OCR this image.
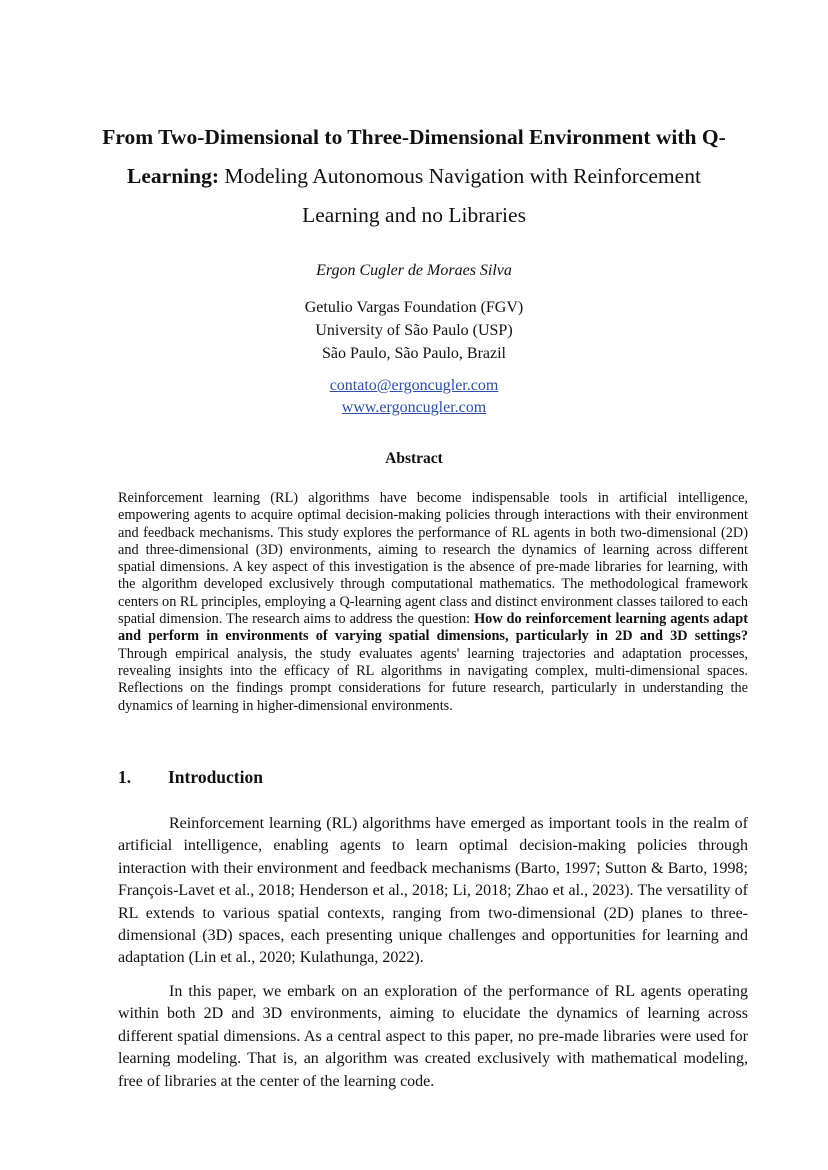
From Two-Dimensional to Three-Dimensional Environment with Q-Learning: Modeling Autonomous Navigation with Reinforcement Learning and no Libraries
Ergon Cugler de Moraes Silva
Getulio Vargas Foundation (FGV)
University of São Paulo (USP)
São Paulo, São Paulo, Brazil
contato@ergoncugler.com
www.ergoncugler.com
Abstract
Reinforcement learning (RL) algorithms have become indispensable tools in artificial intelligence, empowering agents to acquire optimal decision-making policies through interactions with their environment and feedback mechanisms. This study explores the performance of RL agents in both two-dimensional (2D) and three-dimensional (3D) environments, aiming to research the dynamics of learning across different spatial dimensions. A key aspect of this investigation is the absence of pre-made libraries for learning, with the algorithm developed exclusively through computational mathematics. The methodological framework centers on RL principles, employing a Q-learning agent class and distinct environment classes tailored to each spatial dimension. The research aims to address the question: How do reinforcement learning agents adapt and perform in environments of varying spatial dimensions, particularly in 2D and 3D settings? Through empirical analysis, the study evaluates agents' learning trajectories and adaptation processes, revealing insights into the efficacy of RL algorithms in navigating complex, multi-dimensional spaces. Reflections on the findings prompt considerations for future research, particularly in understanding the dynamics of learning in higher-dimensional environments.
1. Introduction
Reinforcement learning (RL) algorithms have emerged as important tools in the realm of artificial intelligence, enabling agents to learn optimal decision-making policies through interaction with their environment and feedback mechanisms (Barto, 1997; Sutton & Barto, 1998; François-Lavet et al., 2018; Henderson et al., 2018; Li, 2018; Zhao et al., 2023). The versatility of RL extends to various spatial contexts, ranging from two-dimensional (2D) planes to three-dimensional (3D) spaces, each presenting unique challenges and opportunities for learning and adaptation (Lin et al., 2020; Kulathunga, 2022).
In this paper, we embark on an exploration of the performance of RL agents operating within both 2D and 3D environments, aiming to elucidate the dynamics of learning across different spatial dimensions. As a central aspect to this paper, no pre-made libraries were used for learning modeling. That is, an algorithm was created exclusively with mathematical modeling, free of libraries at the center of the learning code.
